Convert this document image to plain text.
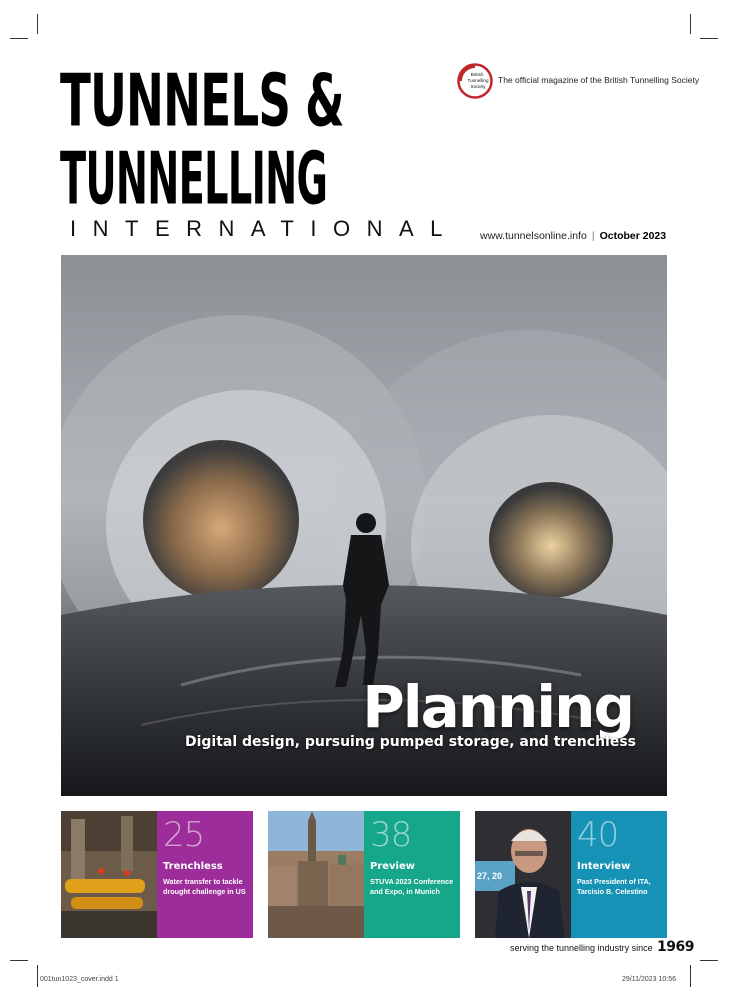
TUNNELS &
TUNNELLING
INTERNATIONAL
British
Tunnelling
Society
The official magazine of the British Tunnelling Society
www.tunnelsonline.info | October 2023
Planning
Digital design, pursuing pumped storage, and trenchless
25
Trenchless
Water transfer to tackle
drought challenge in US
38
Preview
STUVA 2023 Conference
and Expo, in Munich
27, 20
40
Interview
Past President of ITA,
Tarcisio B. Celestino
serving the tunnelling industry since 1969
001tun1023_cover.indd 1	29/11/2023 10:56
